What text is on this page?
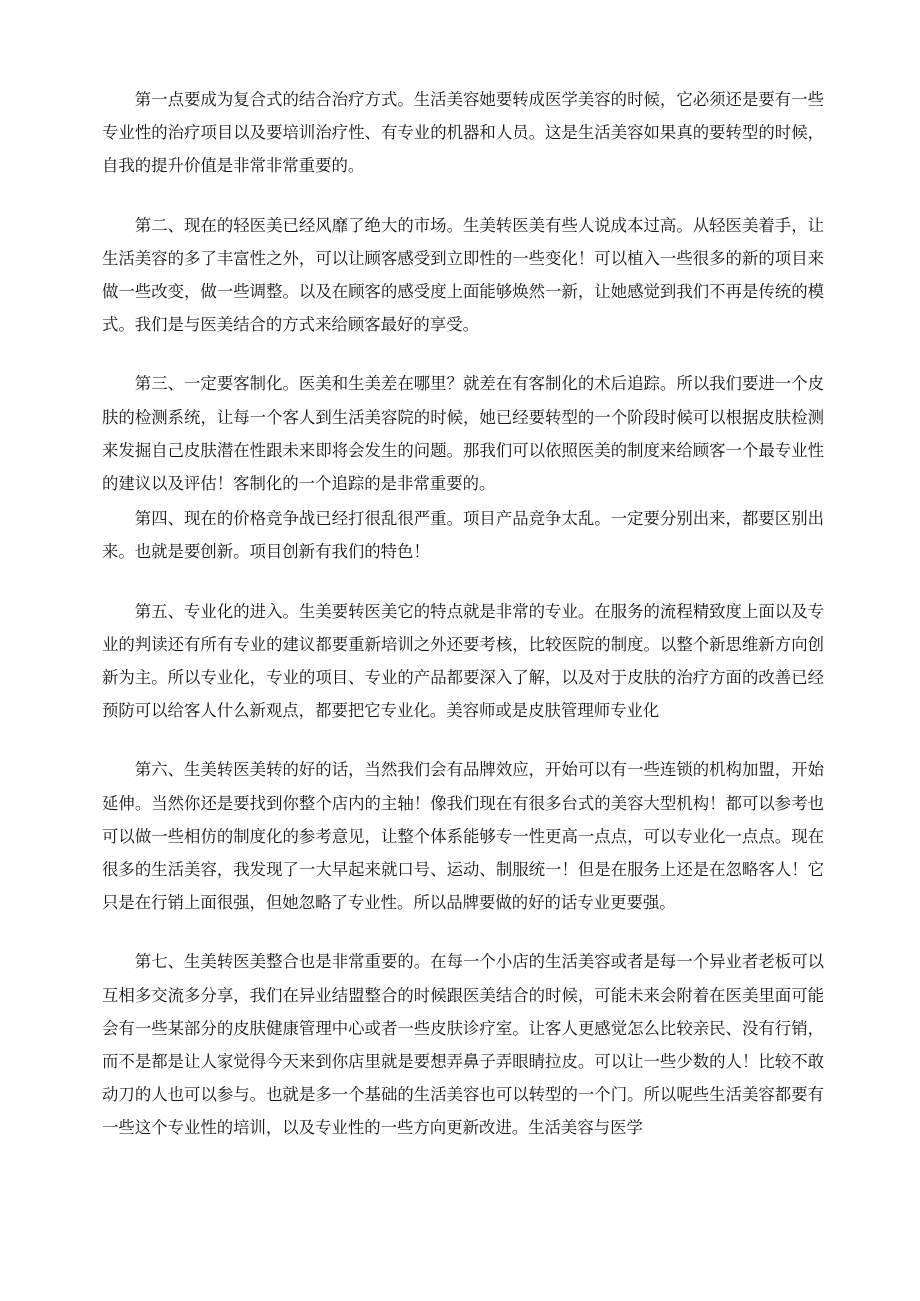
第一点要成为复合式的结合治疗方式。生活美容她要转成医学美容的时候，它必须还是要有一些专业性的治疗项目以及要培训治疗性、有专业的机器和人员。这是生活美容如果真的要转型的时候，自我的提升价值是非常非常重要的。

第二、现在的轻医美已经风靡了绝大的市场。生美转医美有些人说成本过高。从轻医美着手，让生活美容的多了丰富性之外，可以让顾客感受到立即性的一些变化！可以植入一些很多的新的项目来做一些改变，做一些调整。以及在顾客的感受度上面能够焕然一新，让她感觉到我们不再是传统的模式。我们是与医美结合的方式来给顾客最好的享受。

第三、一定要客制化。医美和生美差在哪里？就差在有客制化的术后追踪。所以我们要进一个皮肤的检测系统，让每一个客人到生活美容院的时候，她已经要转型的一个阶段时候可以根据皮肤检测来发掘自己皮肤潜在性跟未来即将会发生的问题。那我们可以依照医美的制度来给顾客一个最专业性的建议以及评估！客制化的一个追踪的是非常重要的。

第四、现在的价格竞争战已经打很乱很严重。项目产品竞争太乱。一定要分别出来，都要区别出来。也就是要创新。项目创新有我们的特色！

第五、专业化的进入。生美要转医美它的特点就是非常的专业。在服务的流程精致度上面以及专业的判读还有所有专业的建议都要重新培训之外还要考核，比较医院的制度。以整个新思维新方向创新为主。所以专业化，专业的项目、专业的产品都要深入了解，以及对于皮肤的治疗方面的改善已经预防可以给客人什么新观点，都要把它专业化。美容师或是皮肤管理师专业化

第六、生美转医美转的好的话，当然我们会有品牌效应，开始可以有一些连锁的机构加盟，开始延伸。当然你还是要找到你整个店内的主轴！像我们现在有很多台式的美容大型机构！都可以参考也可以做一些相仿的制度化的参考意见，让整个体系能够专一性更高一点点，可以专业化一点点。现在很多的生活美容，我发现了一大早起来就口号、运动、制服统一！但是在服务上还是在忽略客人！它只是在行销上面很强，但她忽略了专业性。所以品牌要做的好的话专业更要强。

第七、生美转医美整合也是非常重要的。在每一个小店的生活美容或者是每一个异业者老板可以互相多交流多分享，我们在异业结盟整合的时候跟医美结合的时候，可能未来会附着在医美里面可能会有一些某部分的皮肤健康管理中心或者一些皮肤诊疗室。让客人更感觉怎么比较亲民、没有行销，而不是都是让人家觉得今天来到你店里就是要想弄鼻子弄眼睛拉皮。可以让一些少数的人！比较不敢动刀的人也可以参与。也就是多一个基础的生活美容也可以转型的一个门。所以呢些生活美容都要有一些这个专业性的培训，以及专业性的一些方向更新改进。生活美容与医学
